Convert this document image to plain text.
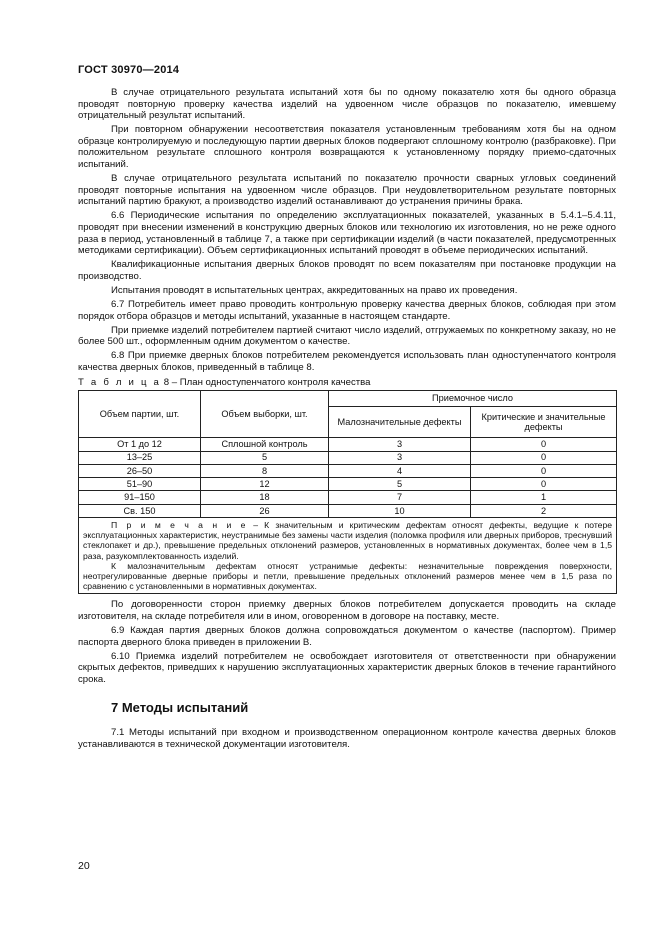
ГОСТ 30970—2014

В случае отрицательного результата испытаний хотя бы по одному показателю хотя бы одного образца проводят повторную проверку качества изделий на удвоенном числе образцов по показателю, имевшему отрицательный результат испытаний.

При повторном обнаружении несоответствия показателя установленным требованиям хотя бы на одном образце контролируемую и последующую партии дверных блоков подвергают сплошному контролю (разбраковке). При положительном результате сплошного контроля возвращаются к установленному порядку приемо-сдаточных испытаний.

В случае отрицательного результата испытаний по показателю прочности сварных угловых соединений проводят повторные испытания на удвоенном числе образцов. При неудовлетворительном результате повторных испытаний партию бракуют, а производство изделий останавливают до устранения причины брака.

6.6 Периодические испытания по определению эксплуатационных показателей, указанных в 5.4.1–5.4.11, проводят при внесении изменений в конструкцию дверных блоков или технологию их изготовления, но не реже одного раза в период, установленный в таблице 7, а также при сертификации изделий (в части показателей, предусмотренных методиками сертификации). Объем сертификационных испытаний проводят в объеме периодических испытаний.

Квалификационные испытания дверных блоков проводят по всем показателям при постановке продукции на производство.

Испытания проводят в испытательных центрах, аккредитованных на право их проведения.

6.7 Потребитель имеет право проводить контрольную проверку качества дверных блоков, соблюдая при этом порядок отбора образцов и методы испытаний, указанные в настоящем стандарте.

При приемке изделий потребителем партией считают число изделий, отгружаемых по конкретному заказу, но не более 500 шт., оформленным одним документом о качестве.

6.8 При приемке дверных блоков потребителем рекомендуется использовать план одноступенчатого контроля качества дверных блоков, приведенный в таблице 8.

Т а б л и ц а 8 – План одноступенчатого контроля качества
Объем партии, шт.	Объем выборки, шт.	Приемочное число	
		Малозначительные дефекты	Критические и значительные дефекты
От 1 до 12	Сплошной контроль	3	0
13–25	5	3	0
26–50	8	4	0
51–90	12	5	0
91–150	18	7	1
Св. 150	26	10	2

П р и м е ч а н и е – К значительным и критическим дефектам относят дефекты, ведущие к потере эксплуатационных характеристик, неустранимые без замены части изделия (поломка профиля или дверных приборов, треснувший стеклопакет и др.), превышение предельных отклонений размеров, установленных в нормативных документах, более чем в 1,5 раза, разукомплектованность изделий.

К малозначительным дефектам относят устранимые дефекты: незначительные повреждения поверхности, неотрегулированные дверные приборы и петли, превышение предельных отклонений размеров менее чем в 1,5 раза по сравнению с установленными в нормативных документах.			

По договоренности сторон приемку дверных блоков потребителем допускается проводить на складе изготовителя, на складе потребителя или в ином, оговоренном в договоре на поставку, месте.

6.9 Каждая партия дверных блоков должна сопровождаться документом о качестве (паспортом). Пример паспорта дверного блока приведен в приложении В.

6.10 Приемка изделий потребителем не освобождает изготовителя от ответственности при обнаружении скрытых дефектов, приведших к нарушению эксплуатационных характеристик дверных блоков в течение гарантийного срока.

7 Методы испытаний

7.1 Методы испытаний при входном и производственном операционном контроле качества дверных блоков устанавливаются в технической документации изготовителя.

20
